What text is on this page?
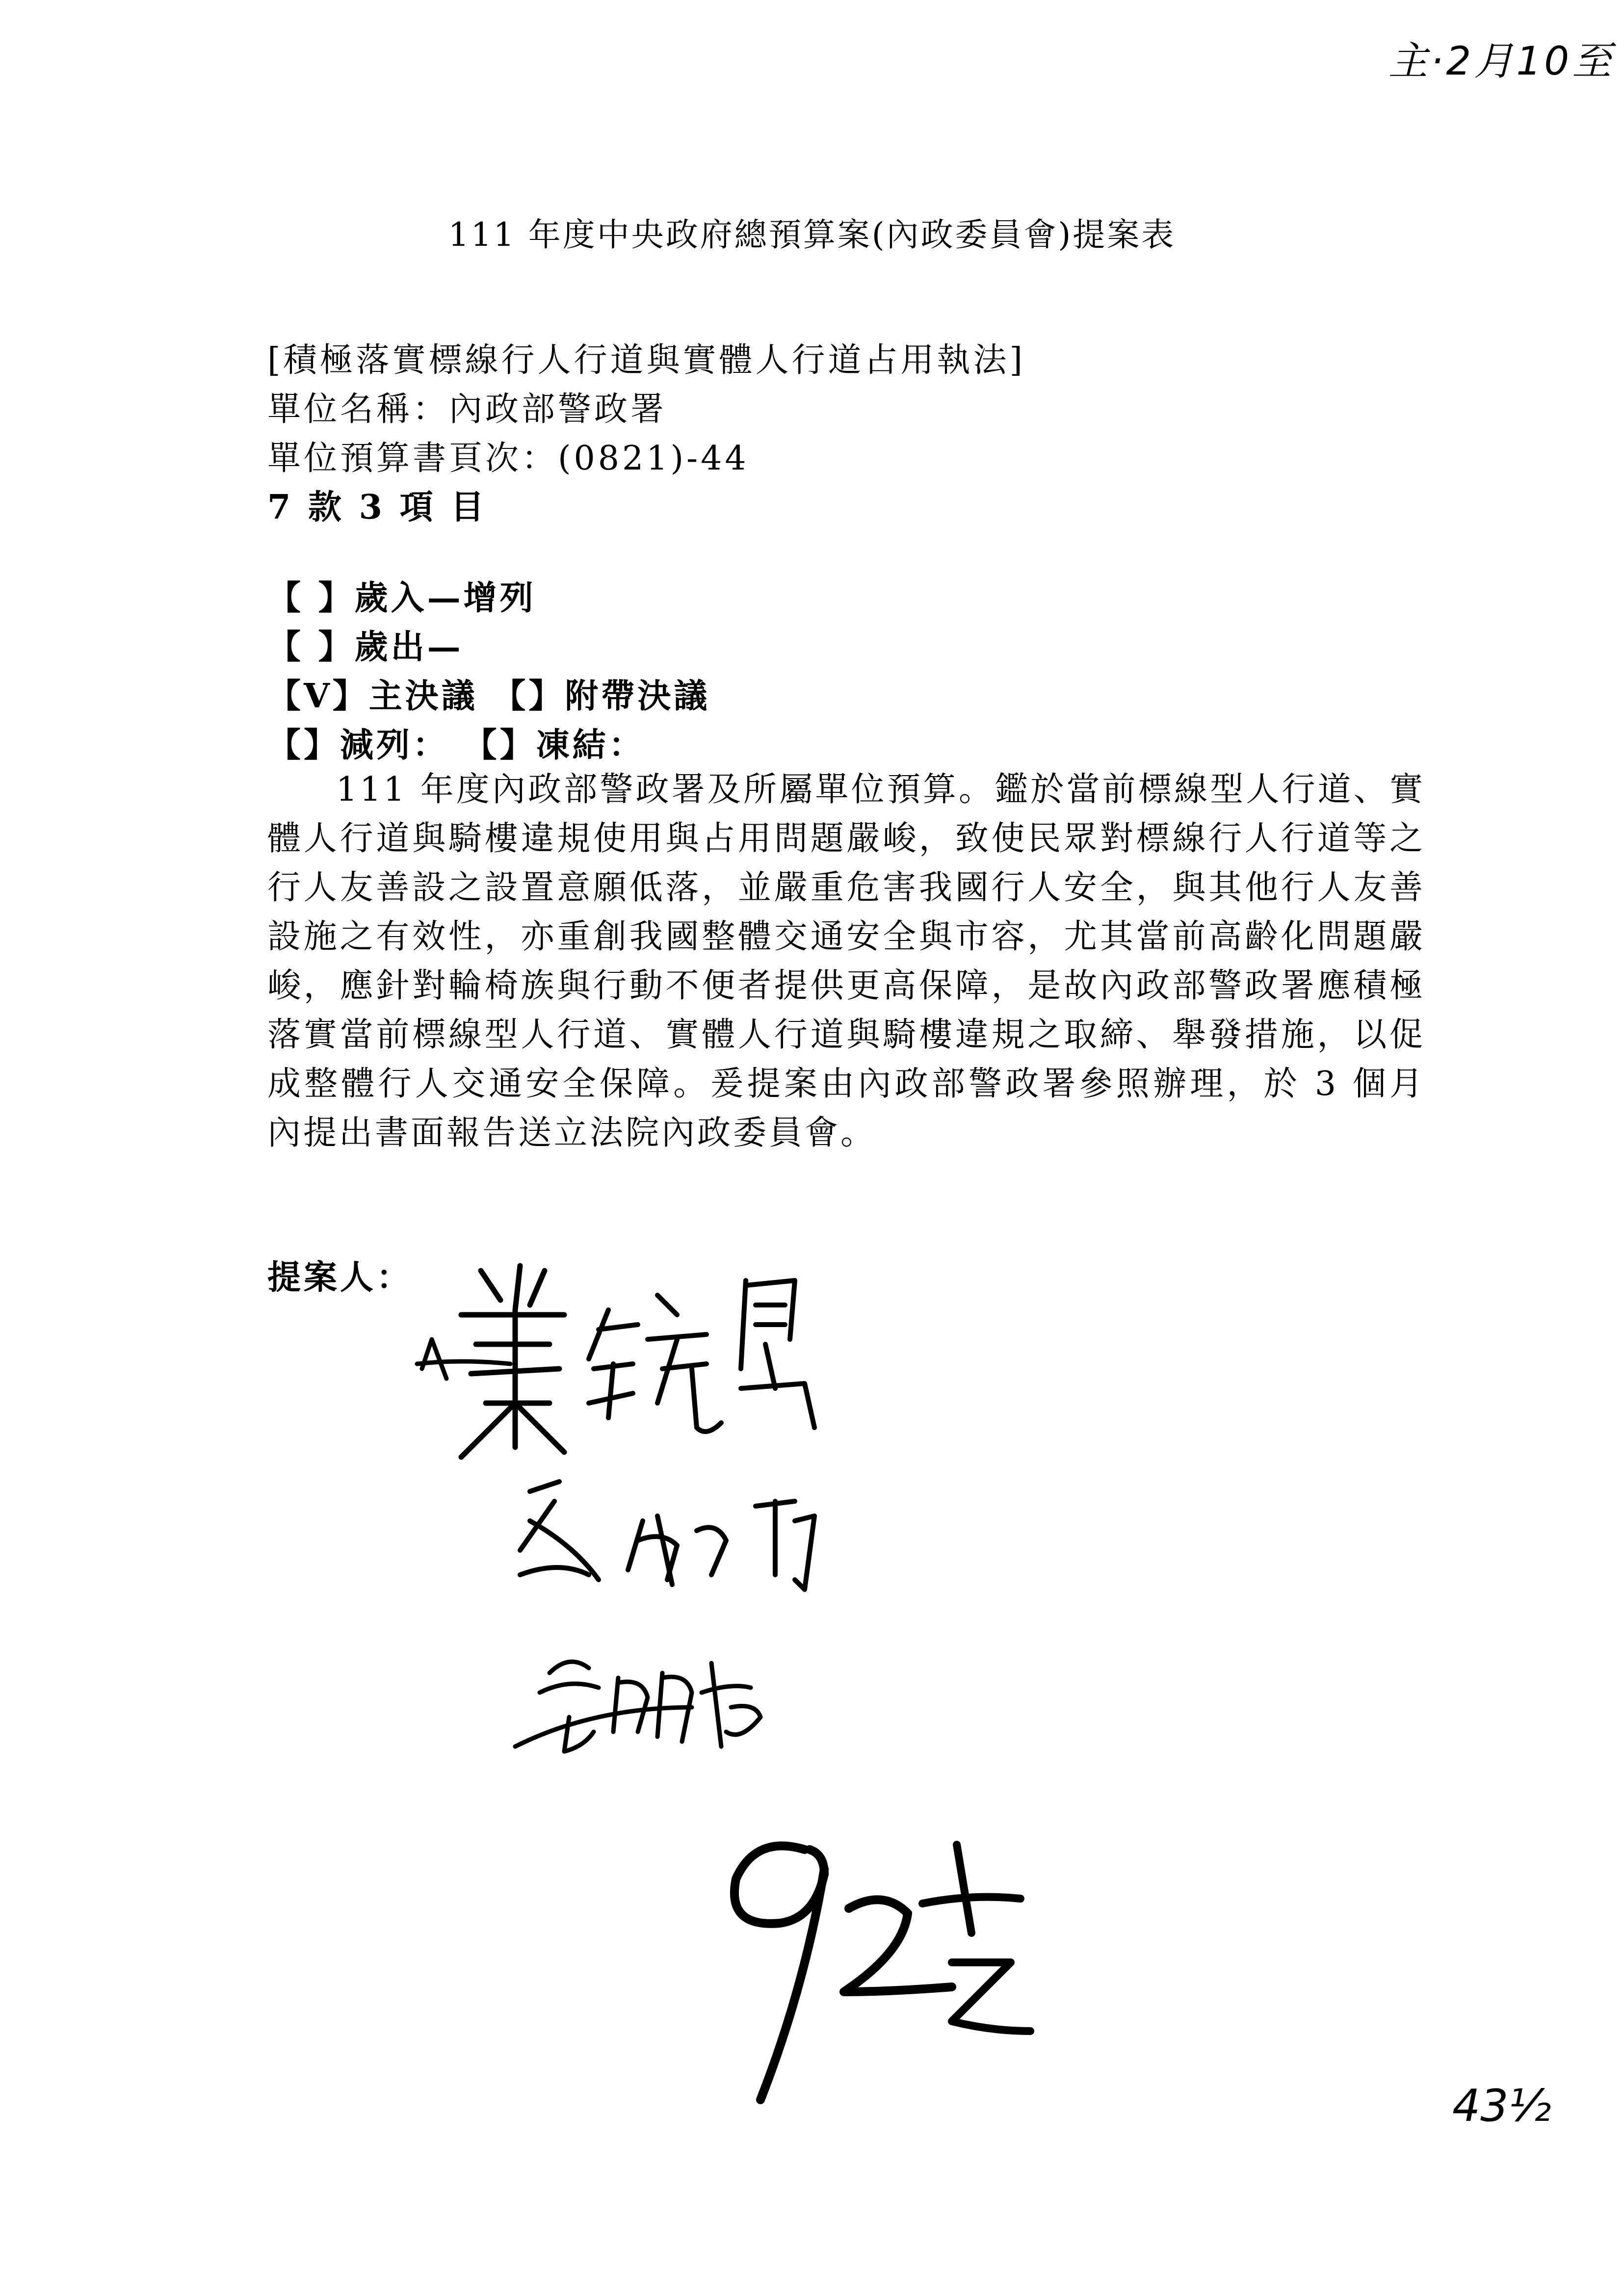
主·2月10至
111 年度中央政府總預算案(內政委員會)提案表
[積極落實標線行人行道與實體人行道占用執法]
單位名稱：內政部警政署
單位預算書頁次：(0821)-44
7 款 3 項 目
【 】歲入—增列
【 】歲出—
【V】主決議 【】附帶決議
【】減列： 【】凍結：
111 年度內政部警政署及所屬單位預算。鑑於當前標線型人行道、實體人行道與騎樓違規使用與占用問題嚴峻，致使民眾對標線行人行道等之行人友善設之設置意願低落，並嚴重危害我國行人安全，與其他行人友善設施之有效性，亦重創我國整體交通安全與市容，尤其當前高齡化問題嚴峻，應針對輪椅族與行動不便者提供更高保障，是故內政部警政署應積極落實當前標線型人行道、實體人行道與騎樓違規之取締、舉發措施，以促成整體行人交通安全保障。爰提案由內政部警政署參照辦理，於 3 個月內提出書面報告送立法院內政委員會。
提案人：
43½
